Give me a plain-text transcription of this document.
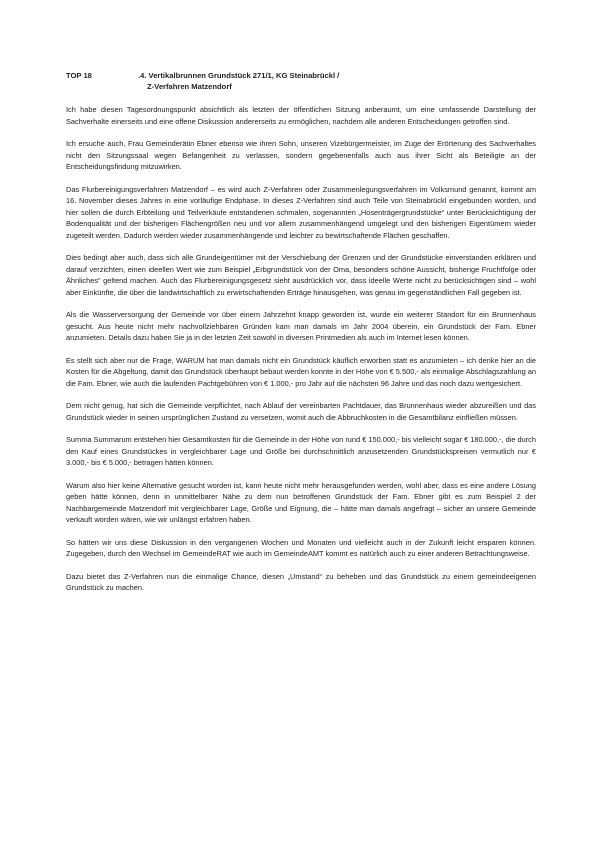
TOP 18	.4. Vertikalbrunnen Grundstück 271/1, KG Steinabrückl /
Z-Verfahren Matzendorf

Ich habe diesen Tagesordnungspunkt absichtlich als letzten der öffentlichen Sitzung anberaumt, um eine umfassende Darstellung der Sachverhalte einerseits und eine offene Diskussion andererseits zu ermöglichen, nachdem alle anderen Entscheidungen getroffen sind.

Ich ersuche auch, Frau Gemeinderätin Ebner ebenso wie ihren Sohn, unseren Vizebürgermeister, im Zuge der Erörterung des Sachverhaltes nicht den Sitzungssaal wegen Befangenheit zu verlassen, sondern gegebenenfalls auch aus ihrer Sicht als Beteiligte an der Entscheidungsfindung mitzuwirken.

Das Flurbereinigungsverfahren Matzendorf – es wird auch Z-Verfahren oder Zusammenlegungsverfahren im Volksmund genannt, kommt am 16. November dieses Jahres in eine vorläufige Endphase. In dieses Z-Verfahren sind auch Teile von Steinabrückl eingebunden worden, und hier sollen die durch Erbteilung und Teilverkäufe entstandenen schmalen, sogenannten „Hosenträgergrundstücke“ unter Berücksichtigung der Bodenqualität und der bisherigen Flächengrößen neu und vor allem zusammenhängend umgelegt und den bisherigen Eigentümern wieder zugeteilt werden. Dadurch werden wieder zusammenhängende und leichter zu bewirtschaftende Flächen geschaffen.

Dies bedingt aber auch, dass sich alle Grundeigentümer mit der Verschiebung der Grenzen und der Grundstücke einverstanden erklären und darauf verzichten, einen ideellen Wert wie zum Beispiel „Erbgrundstück von der Oma, besonders schöne Aussicht, bisherige Fruchtfolge oder Ähnliches“ geltend machen. Auch das Flurbereinigungsgesetz sieht ausdrücklich vor, dass ideelle Werte nicht zu berücksichtigen sind – wohl aber Einkünfte, die über die landwirtschaftlich zu erwirtschaftenden Erträge hinausgehen, was genau im gegenständlichen Fall gegeben ist.

Als die Wasserversorgung der Gemeinde vor über einem Jahrzehnt knapp geworden ist, wurde ein weiterer Standort für ein Brunnenhaus gesucht. Aus heute nicht mehr nachvollziehbaren Gründen kam man damals im Jahr 2004 überein, ein Grundstück der Fam. Ebner anzumieten. Details dazu haben Sie ja in der letzten Zeit sowohl in diversen Printmedien als auch im Internet lesen können.

Es stellt sich aber nur die Frage, WARUM hat man damals nicht ein Grundstück käuflich erworben statt es anzumieten – ich denke hier an die Kosten für die Abgeltung, damit das Grundstück überhaupt bebaut werden konnte in der Höhe von € 5.500,- als einmalige Abschlagszahlung an die Fam. Ebner, wie auch die laufenden Pachtgebühren von € 1.000,- pro Jahr auf die nächsten 96 Jahre und das noch dazu wertgesichert.

Dem nicht genug, hat sich die Gemeinde verpflichtet, nach Ablauf der vereinbarten Pachtdauer, das Brunnenhaus wieder abzureißen und das Grundstück wieder in seinen ursprünglichen Zustand zu versetzen, womit auch die Abbruchkosten in die Gesamtbilanz einfließen müssen.

Summa Summarum entstehen hier Gesamtkosten für die Gemeinde in der Höhe von rund € 150.000,- bis vielleicht sogar € 180.000,-, die durch den Kauf eines Grundstückes in vergleichbarer Lage und Größe bei durchschnittlich anzusetzenden Grundstückspreisen vermutlich nur € 3.000,- bis € 5.000,- betragen hätten können.

Warum also hier keine Alternative gesucht worden ist, kann heute nicht mehr herausgefunden werden, wohl aber, dass es eine andere Lösung geben hätte können, denn in unmittelbarer Nähe zu dem nun betroffenen Grundstück der Fam. Ebner gibt es zum Beispiel 2 der Nachbargemeinde Matzendorf mit vergleichbarer Lage, Größe und Eignung, die – hätte man damals angefragt – sicher an unsere Gemeinde verkauft worden wären, wie wir unlängst erfahren haben.

So hätten wir uns diese Diskussion in den vergangenen Wochen und Monaten und vielleicht auch in der Zukunft leicht ersparen können. Zugegeben, durch den Wechsel im GemeindeRAT wie auch im GemeindeAMT kommt es natürlich auch zu einer anderen Betrachtungsweise.

Dazu bietet das Z-Verfahren nun die einmalige Chance, diesen „Umstand“ zu beheben und das Grundstück zu einem gemeindeeigenen Grundstück zu machen.
